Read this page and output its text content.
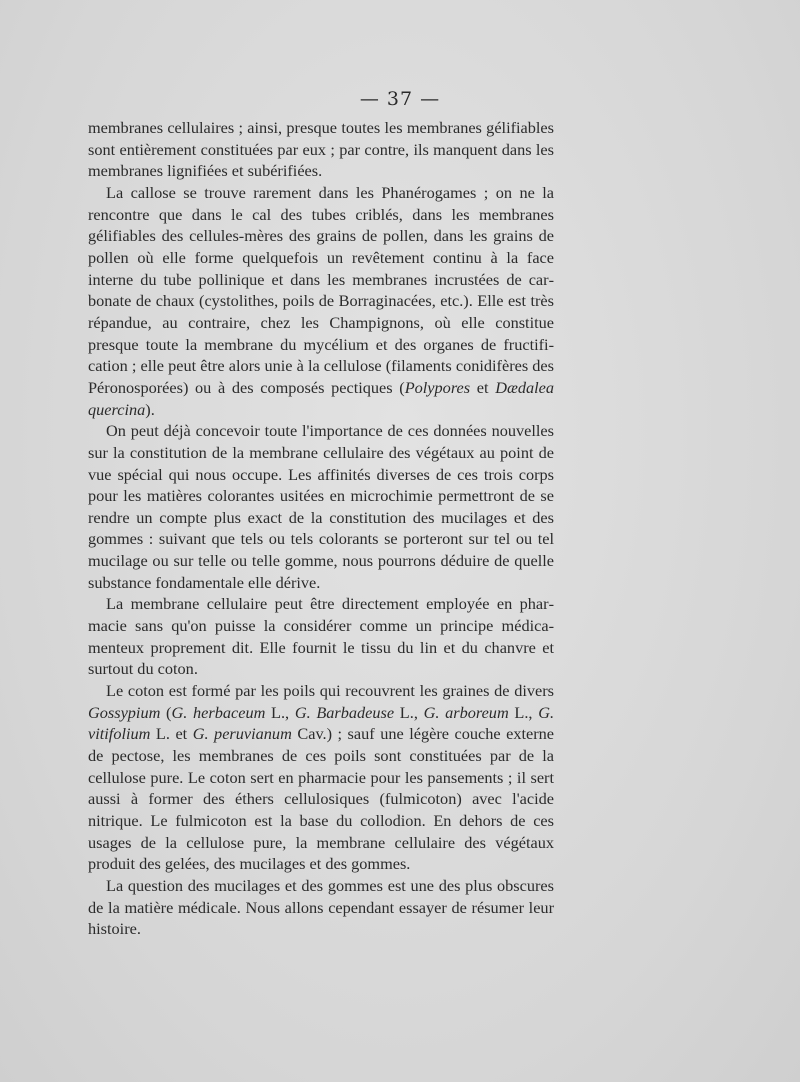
— 37 —

membranes cellulaires ; ainsi, presque toutes les membranes gélifiables sont entièrement constituées par eux ; par contre, ils manquent dans les membranes lignifiées et subérifiées.

La callose se trouve rarement dans les Phanérogames ; on ne la rencontre que dans le cal des tubes criblés, dans les membranes gélifiables des cellules-mères des grains de pollen, dans les grains de pollen où elle forme quelquefois un revêtement continu à la face interne du tube pollinique et dans les membranes incrustées de carbonate de chaux (cystolithes, poils de Borraginacées, etc.). Elle est très répandue, au contraire, chez les Champignons, où elle constitue presque toute la membrane du mycélium et des organes de fructification ; elle peut être alors unie à la cellulose (filaments conidifères des Péronosporées) ou à des composés pectiques (Polypores et Dædalea quercina).

On peut déjà concevoir toute l'importance de ces données nouvelles sur la constitution de la membrane cellulaire des végétaux au point de vue spécial qui nous occupe. Les affinités diverses de ces trois corps pour les matières colorantes usitées en microchimie permettront de se rendre un compte plus exact de la constitution des mucilages et des gommes : suivant que tels ou tels colorants se porteront sur tel ou tel mucilage ou sur telle ou telle gomme, nous pourrons déduire de quelle substance fondamentale elle dérive.

La membrane cellulaire peut être directement employée en pharmacie sans qu'on puisse la considérer comme un principe médicamenteux proprement dit. Elle fournit le tissu du lin et du chanvre et surtout du coton.

Le coton est formé par les poils qui recouvrent les graines de divers Gossypium (G. herbaceum L., G. Barbadeuse L., G. arboreum L., G. vitifolium L. et G. peruvianum Cav.) ; sauf une légère couche externe de pectose, les membranes de ces poils sont constituées par de la cellulose pure. Le coton sert en pharmacie pour les pansements ; il sert aussi à former des éthers cellulosiques (fulmicoton) avec l'acide nitrique. Le fulmicoton est la base du collodion. En dehors de ces usages de la cellulose pure, la membrane cellulaire des végétaux produit des gelées, des mucilages et des gommes.

La question des mucilages et des gommes est une des plus obscures de la matière médicale. Nous allons cependant essayer de résumer leur histoire.
